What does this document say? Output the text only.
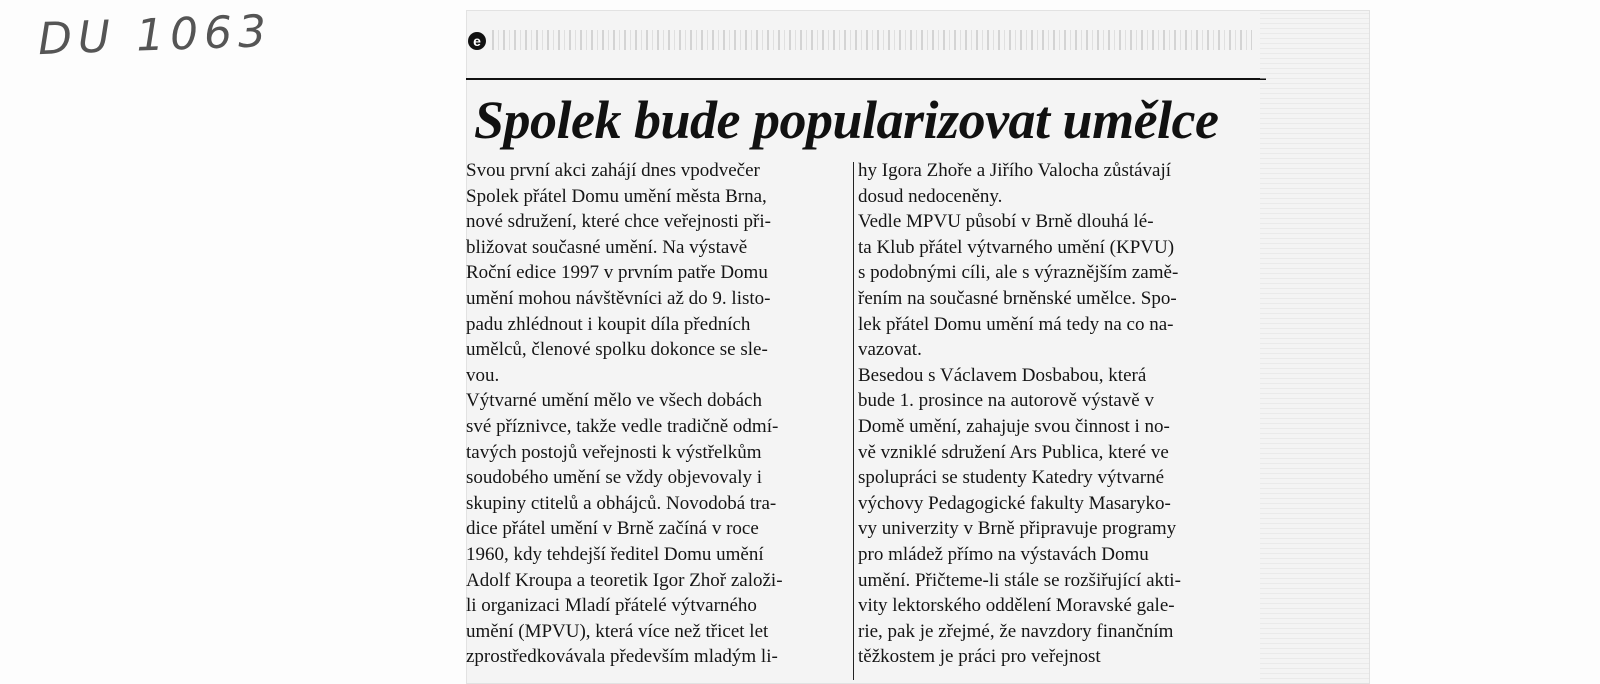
DU 1063	e
Spolek bude popularizovat umělce
Svou první akci zahájí dnes vpodvečer
Spolek přátel Domu umění města Brna,
nové sdružení, které chce veřejnosti při-
bližovat současné umění. Na výstavě
Roční edice 1997 v prvním patře Domu
umění mohou návštěvníci až do 9. listo-
padu zhlédnout i koupit díla předních
umělců, členové spolku dokonce se sle-
vou.
Výtvarné umění mělo ve všech dobách
své příznivce, takže vedle tradičně odmí-
tavých postojů veřejnosti k výstřelkům
soudobého umění se vždy objevovaly i
skupiny ctitelů a obhájců. Novodobá tra-
dice přátel umění v Brně začíná v roce
1960, kdy tehdejší ředitel Domu umění
Adolf Kroupa a teoretik Igor Zhoř založi-
li organizaci Mladí přátelé výtvarného
umění (MPVU), která více než třicet let
zprostředkovávala především mladým li-
hy Igora Zhoře a Jiřího Valocha zůstávají
dosud nedoceněny.
Vedle MPVU působí v Brně dlouhá lé-
ta Klub přátel výtvarného umění (KPVU)
s podobnými cíli, ale s výraznějším zamě-
řením na současné brněnské umělce. Spo-
lek přátel Domu umění má tedy na co na-
vazovat.
Besedou s Václavem Dosbabou, která
bude 1. prosince na autorově výstavě v
Domě umění, zahajuje svou činnost i no-
vě vzniklé sdružení Ars Publica, které ve
spolupráci se studenty Katedry výtvarné
výchovy Pedagogické fakulty Masaryko-
vy univerzity v Brně připravuje programy
pro mládež přímo na výstavách Domu
umění. Přičteme-li stále se rozšiřující akti-
vity lektorského oddělení Moravské gale-
rie, pak je zřejmé, že navzdory finančním
těžkostem je práci pro veřejnost
